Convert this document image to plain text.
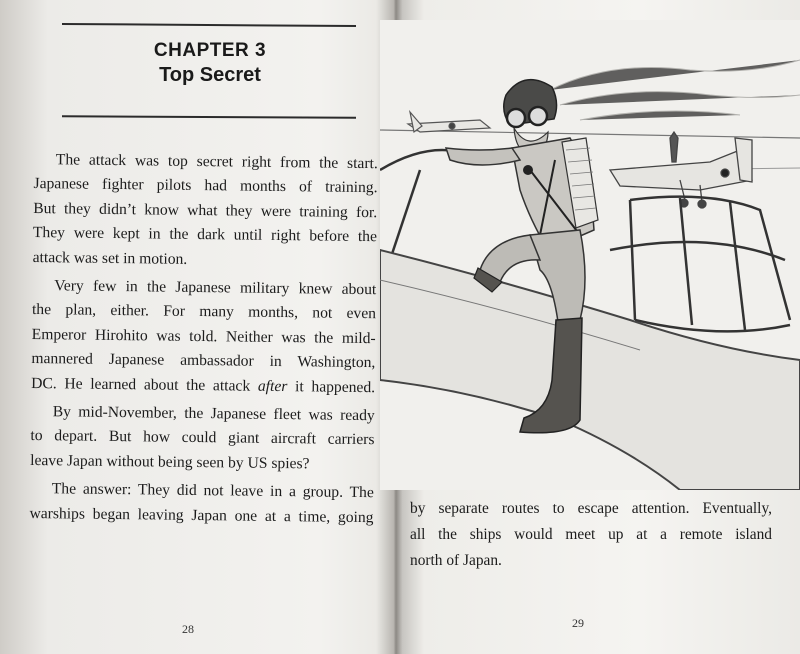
CHAPTER 3
Top Secret

The attack was top secret right from the start.
Japanese fighter pilots had months of training.
But they didn’t know what they were training for.
They were kept in the dark until right before the
attack was set in motion.

Very few in the Japanese military knew about
the plan, either. For many months, not even
Emperor Hirohito was told. Neither was the mild-
mannered Japanese ambassador in Washington,
DC. He learned about the attack after it happened.

By mid-November, the Japanese fleet was ready
to depart. But how could giant aircraft carriers
leave Japan without being seen by US spies?

The answer: They did not leave in a group. The
warships began leaving Japan one at a time, going

28
by separate routes to escape attention. Eventually,
all the ships would meet up at a remote island
north of Japan.
29
